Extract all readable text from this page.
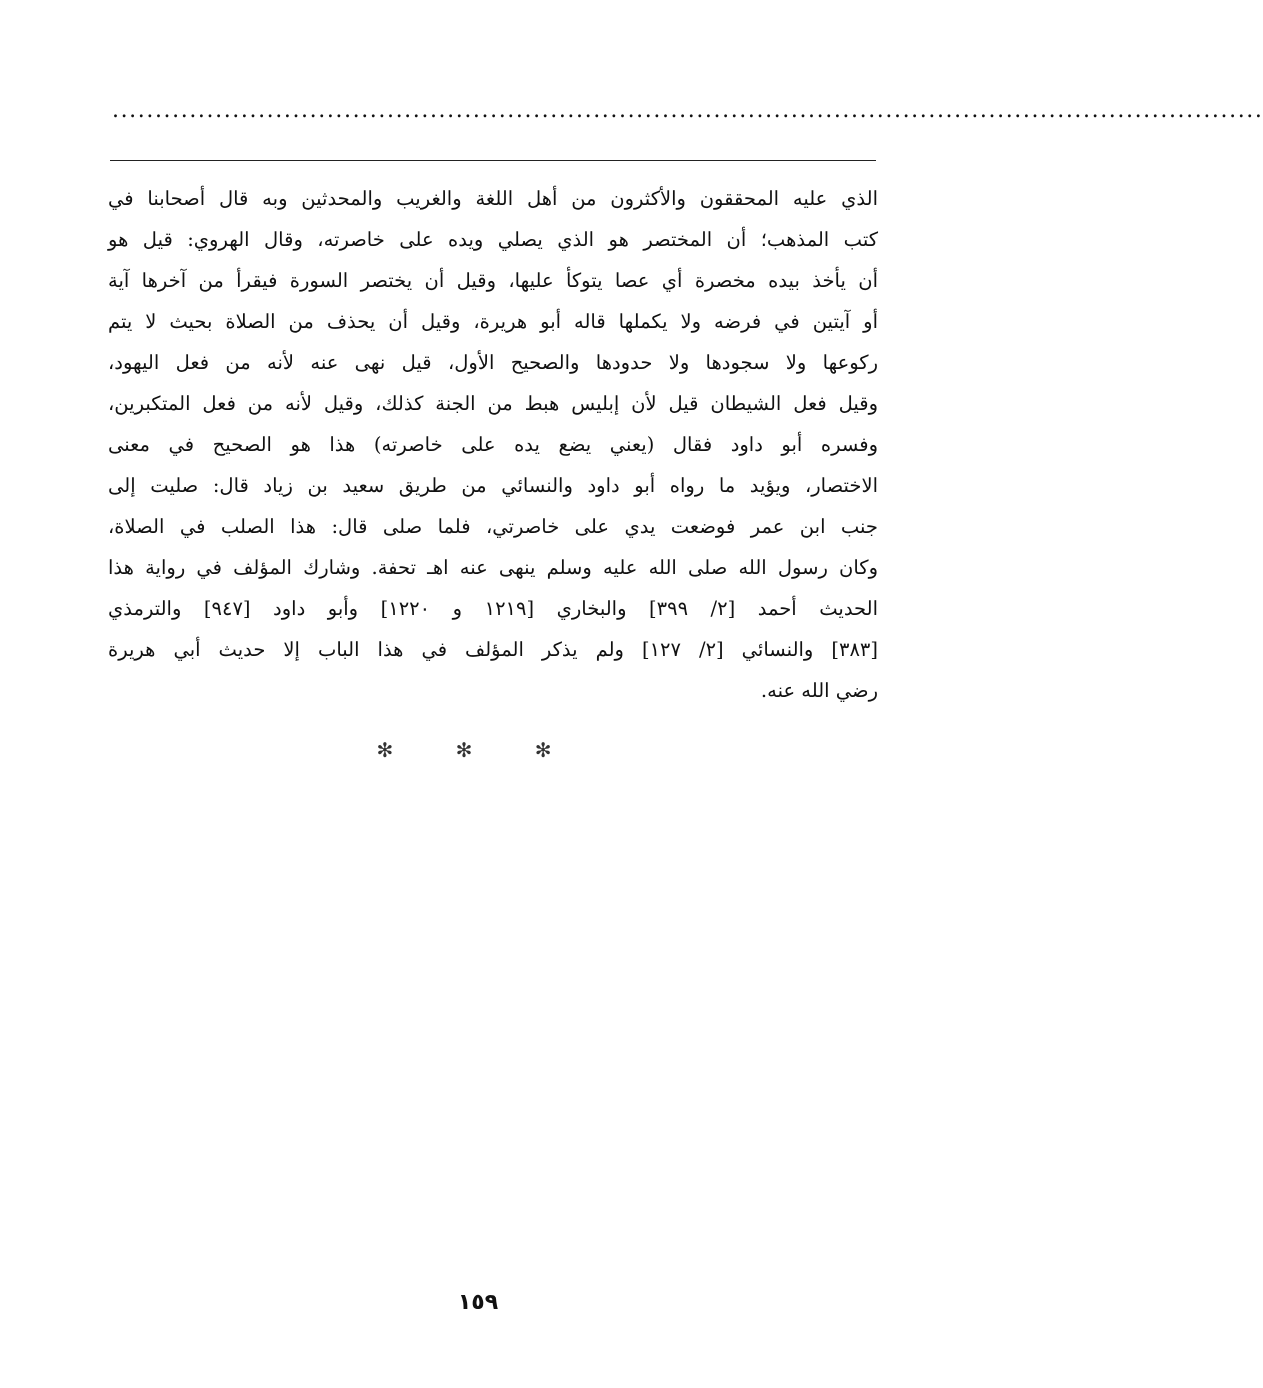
......................................................................................................................................
الذي عليه المحققون والأكثرون من أهل اللغة والغريب والمحدثين وبه قال أصحابنا في
كتب المذهب؛ أن المختصر هو الذي يصلي ويده على خاصرته، وقال الهروي: قيل هو
أن يأخذ بيده مخصرة أي عصا يتوكأ عليها، وقيل أن يختصر السورة فيقرأ من آخرها آية
أو آيتين في فرضه ولا يكملها قاله أبو هريرة، وقيل أن يحذف من الصلاة بحيث لا يتم
ركوعها ولا سجودها ولا حدودها والصحيح الأول، قيل نهى عنه لأنه من فعل اليهود،
وقيل فعل الشيطان قيل لأن إبليس هبط من الجنة كذلك، وقيل لأنه من فعل المتكبرين،
وفسره أبو داود فقال (يعني يضع يده على خاصرته) هذا هو الصحيح في معنى
الاختصار، ويؤيد ما رواه أبو داود والنسائي من طريق سعيد بن زياد قال: صليت إلى
جنب ابن عمر فوضعت يدي على خاصرتي، فلما صلى قال: هذا الصلب في الصلاة،
وكان رسول الله صلى الله عليه وسلم ينهى عنه اهـ تحفة. وشارك المؤلف في رواية هذا
الحديث أحمد [٢/ ٣٩٩] والبخاري [١٢١٩ و ١٢٢٠] وأبو داود [٩٤٧] والترمذي
[٣٨٣] والنسائي [٢/ ١٢٧] ولم يذكر المؤلف في هذا الباب إلا حديث أبي هريرة
رضي الله عنه.
✻ ✻ ✻
١٥٩
